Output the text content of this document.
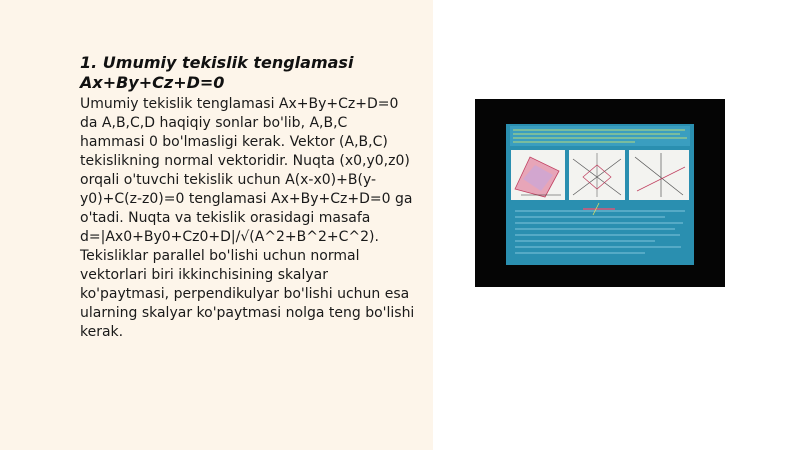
1. Umumiy tekislik tenglamasi Ax+By+Cz+D=0

Umumiy tekislik tenglamasi Ax+By+Cz+D=0 da A,B,C,D haqiqiy sonlar bo'lib, A,B,C hammasi 0 bo'lmasligi kerak. Vektor (A,B,C) tekislikning normal vektoridir. Nuqta (x0,y0,z0) orqali o'tuvchi tekislik uchun A(x-x0)+B(y-y0)+C(z-z0)=0 tenglamasi Ax+By+Cz+D=0 ga o'tadi. Nuqta va tekislik orasidagi masafa d=|Ax0+By0+Cz0+D|/√(A^2+B^2+C^2). Tekisliklar parallel bo'lishi uchun normal vektorlari biri ikkinchisining skalyar ko'paytmasi, perpendikulyar bo'lishi uchun esa ularning skalyar ko'paytmasi nolga teng bo'lishi kerak.
